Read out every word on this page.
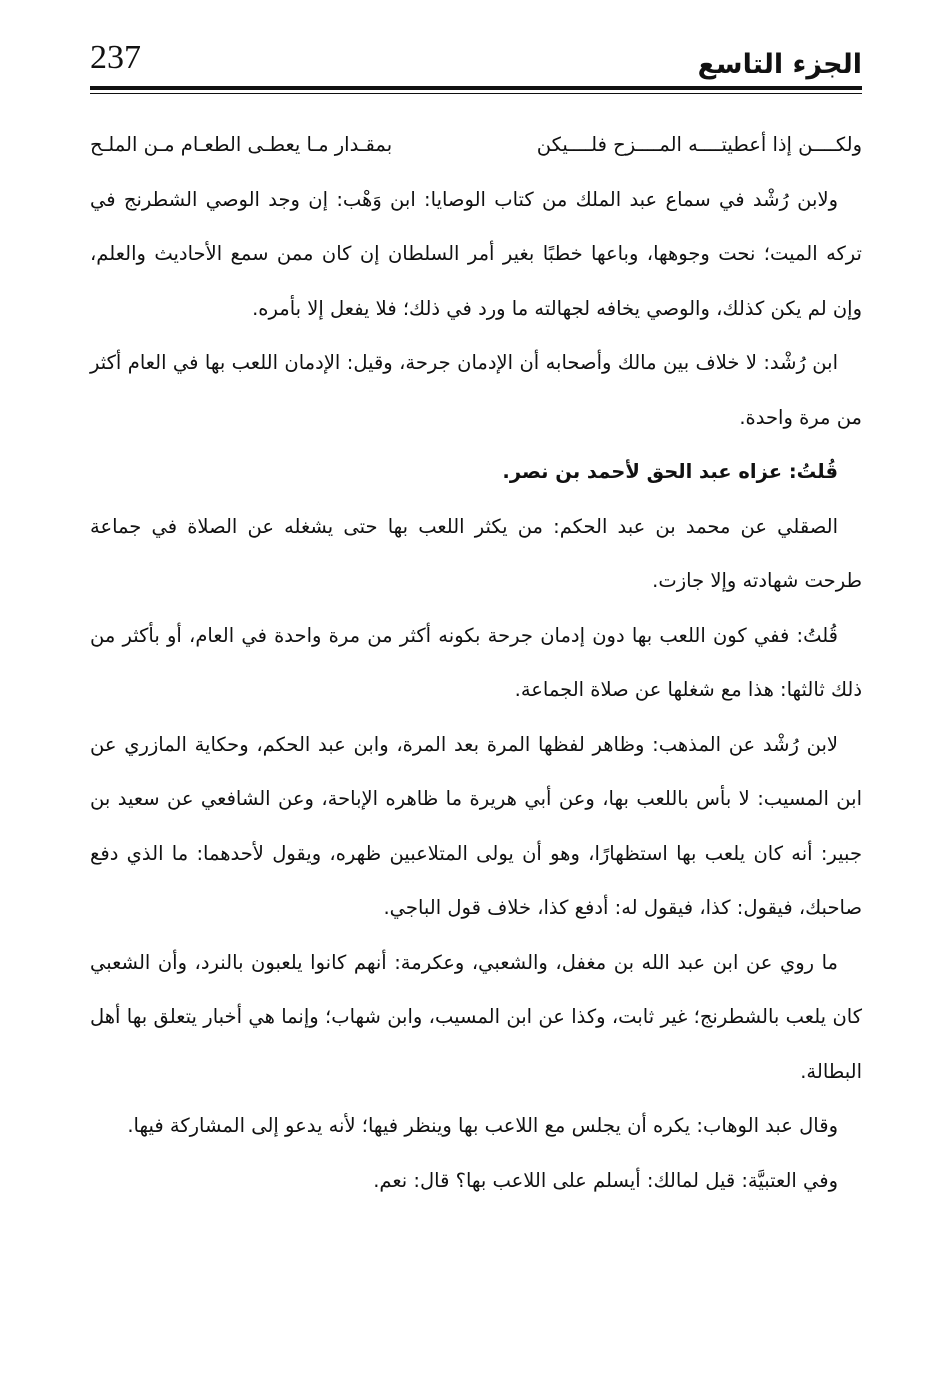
237	الجزء التاسع

ولكــــن إذا أعطيتــــه المــــزح فلــــيكن
بمقـدار مـا يعطـى الطعـام مـن الملـح

ولابن رُشْد في سماع عبد الملك من كتاب الوصايا: ابن وَهْب: إن وجد الوصي الشطرنج في تركه الميت؛ نحت وجوهها، وباعها خطبًا بغير أمر السلطان إن كان ممن سمع الأحاديث والعلم، وإن لم يكن كذلك، والوصي يخافه لجهالته ما ورد في ذلك؛ فلا يفعل إلا بأمره.

ابن رُشْد: لا خلاف بين مالك وأصحابه أن الإدمان جرحة، وقيل: الإدمان اللعب بها في العام أكثر من مرة واحدة.

قُلتُ: عزاه عبد الحق لأحمد بن نصر.

الصقلي عن محمد بن عبد الحكم: من يكثر اللعب بها حتى يشغله عن الصلاة في جماعة طرحت شهادته وإلا جازت.

قُلتُ: ففي كون اللعب بها دون إدمان جرحة بكونه أكثر من مرة واحدة في العام، أو بأكثر من ذلك ثالثها: هذا مع شغلها عن صلاة الجماعة.

لابن رُشْد عن المذهب: وظاهر لفظها المرة بعد المرة، وابن عبد الحكم، وحكاية المازري عن ابن المسيب: لا بأس باللعب بها، وعن أبي هريرة ما ظاهره الإباحة، وعن الشافعي عن سعيد بن جبير: أنه كان يلعب بها استظهارًا، وهو أن يولى المتلاعبين ظهره، ويقول لأحدهما: ما الذي دفع صاحبك، فيقول: كذا، فيقول له: أدفع كذا، خلاف قول الباجي.

ما روي عن ابن عبد الله بن مغفل، والشعبي، وعكرمة: أنهم كانوا يلعبون بالنرد، وأن الشعبي كان يلعب بالشطرنج؛ غير ثابت، وكذا عن ابن المسيب، وابن شهاب؛ وإنما هي أخبار يتعلق بها أهل البطالة.

وقال عبد الوهاب: يكره أن يجلس مع اللاعب بها وينظر فيها؛ لأنه يدعو إلى المشاركة فيها.

وفي العتبيَّة: قيل لمالك: أيسلم على اللاعب بها؟ قال: نعم.
